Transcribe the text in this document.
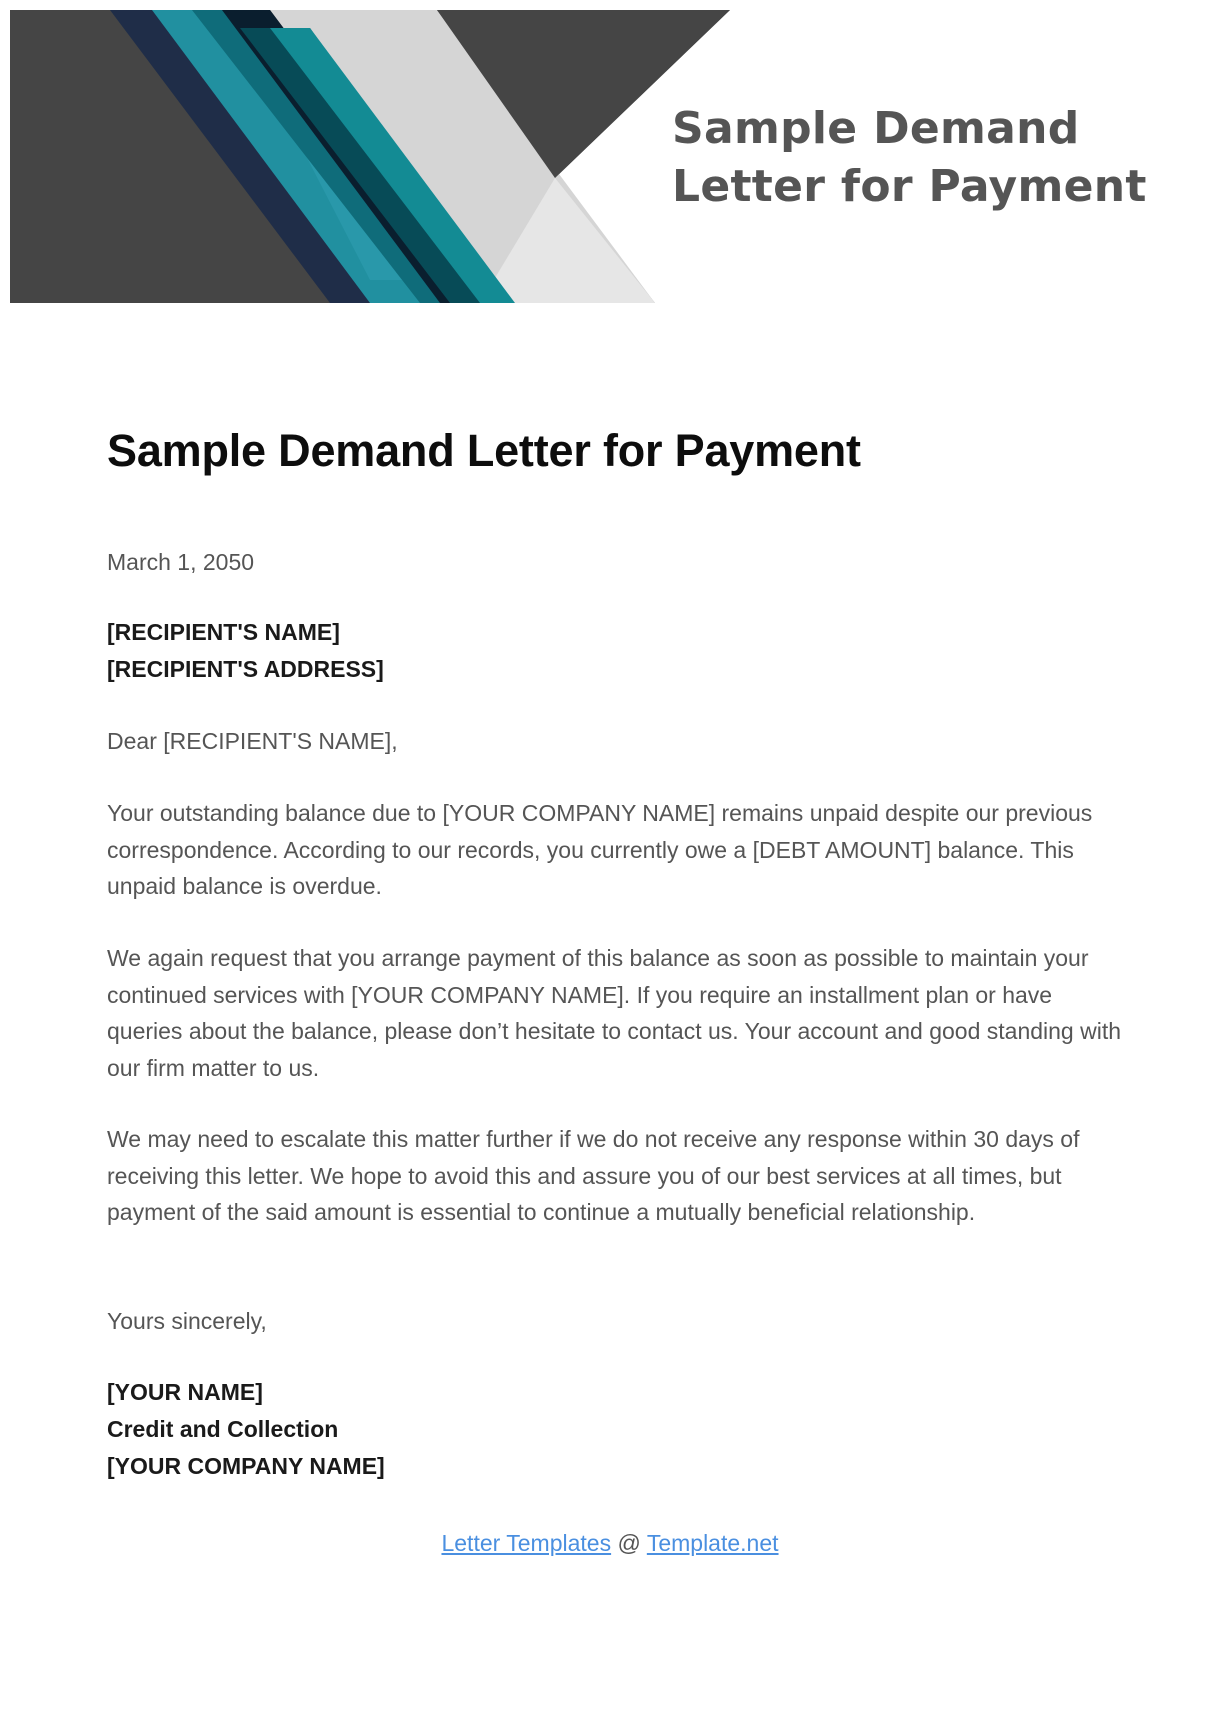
Sample Demand
Letter for Payment
Sample Demand Letter for Payment

March 1, 2050

[RECIPIENT'S NAME]
[RECIPIENT'S ADDRESS]

Dear [RECIPIENT'S NAME],

Your outstanding balance due to [YOUR COMPANY NAME] remains unpaid despite our previous correspondence. According to our records, you currently owe a [DEBT AMOUNT] balance. This unpaid balance is overdue.

We again request that you arrange payment of this balance as soon as possible to maintain your continued services with [YOUR COMPANY NAME]. If you require an installment plan or have queries about the balance, please don’t hesitate to contact us. Your account and good standing with our firm matter to us.

We may need to escalate this matter further if we do not receive any response within 30 days of receiving this letter. We hope to avoid this and assure you of our best services at all times, but payment of the said amount is essential to continue a mutually beneficial relationship.

Yours sincerely,

[YOUR NAME]
Credit and Collection
[YOUR COMPANY NAME]
Letter Templates @ Template.net
